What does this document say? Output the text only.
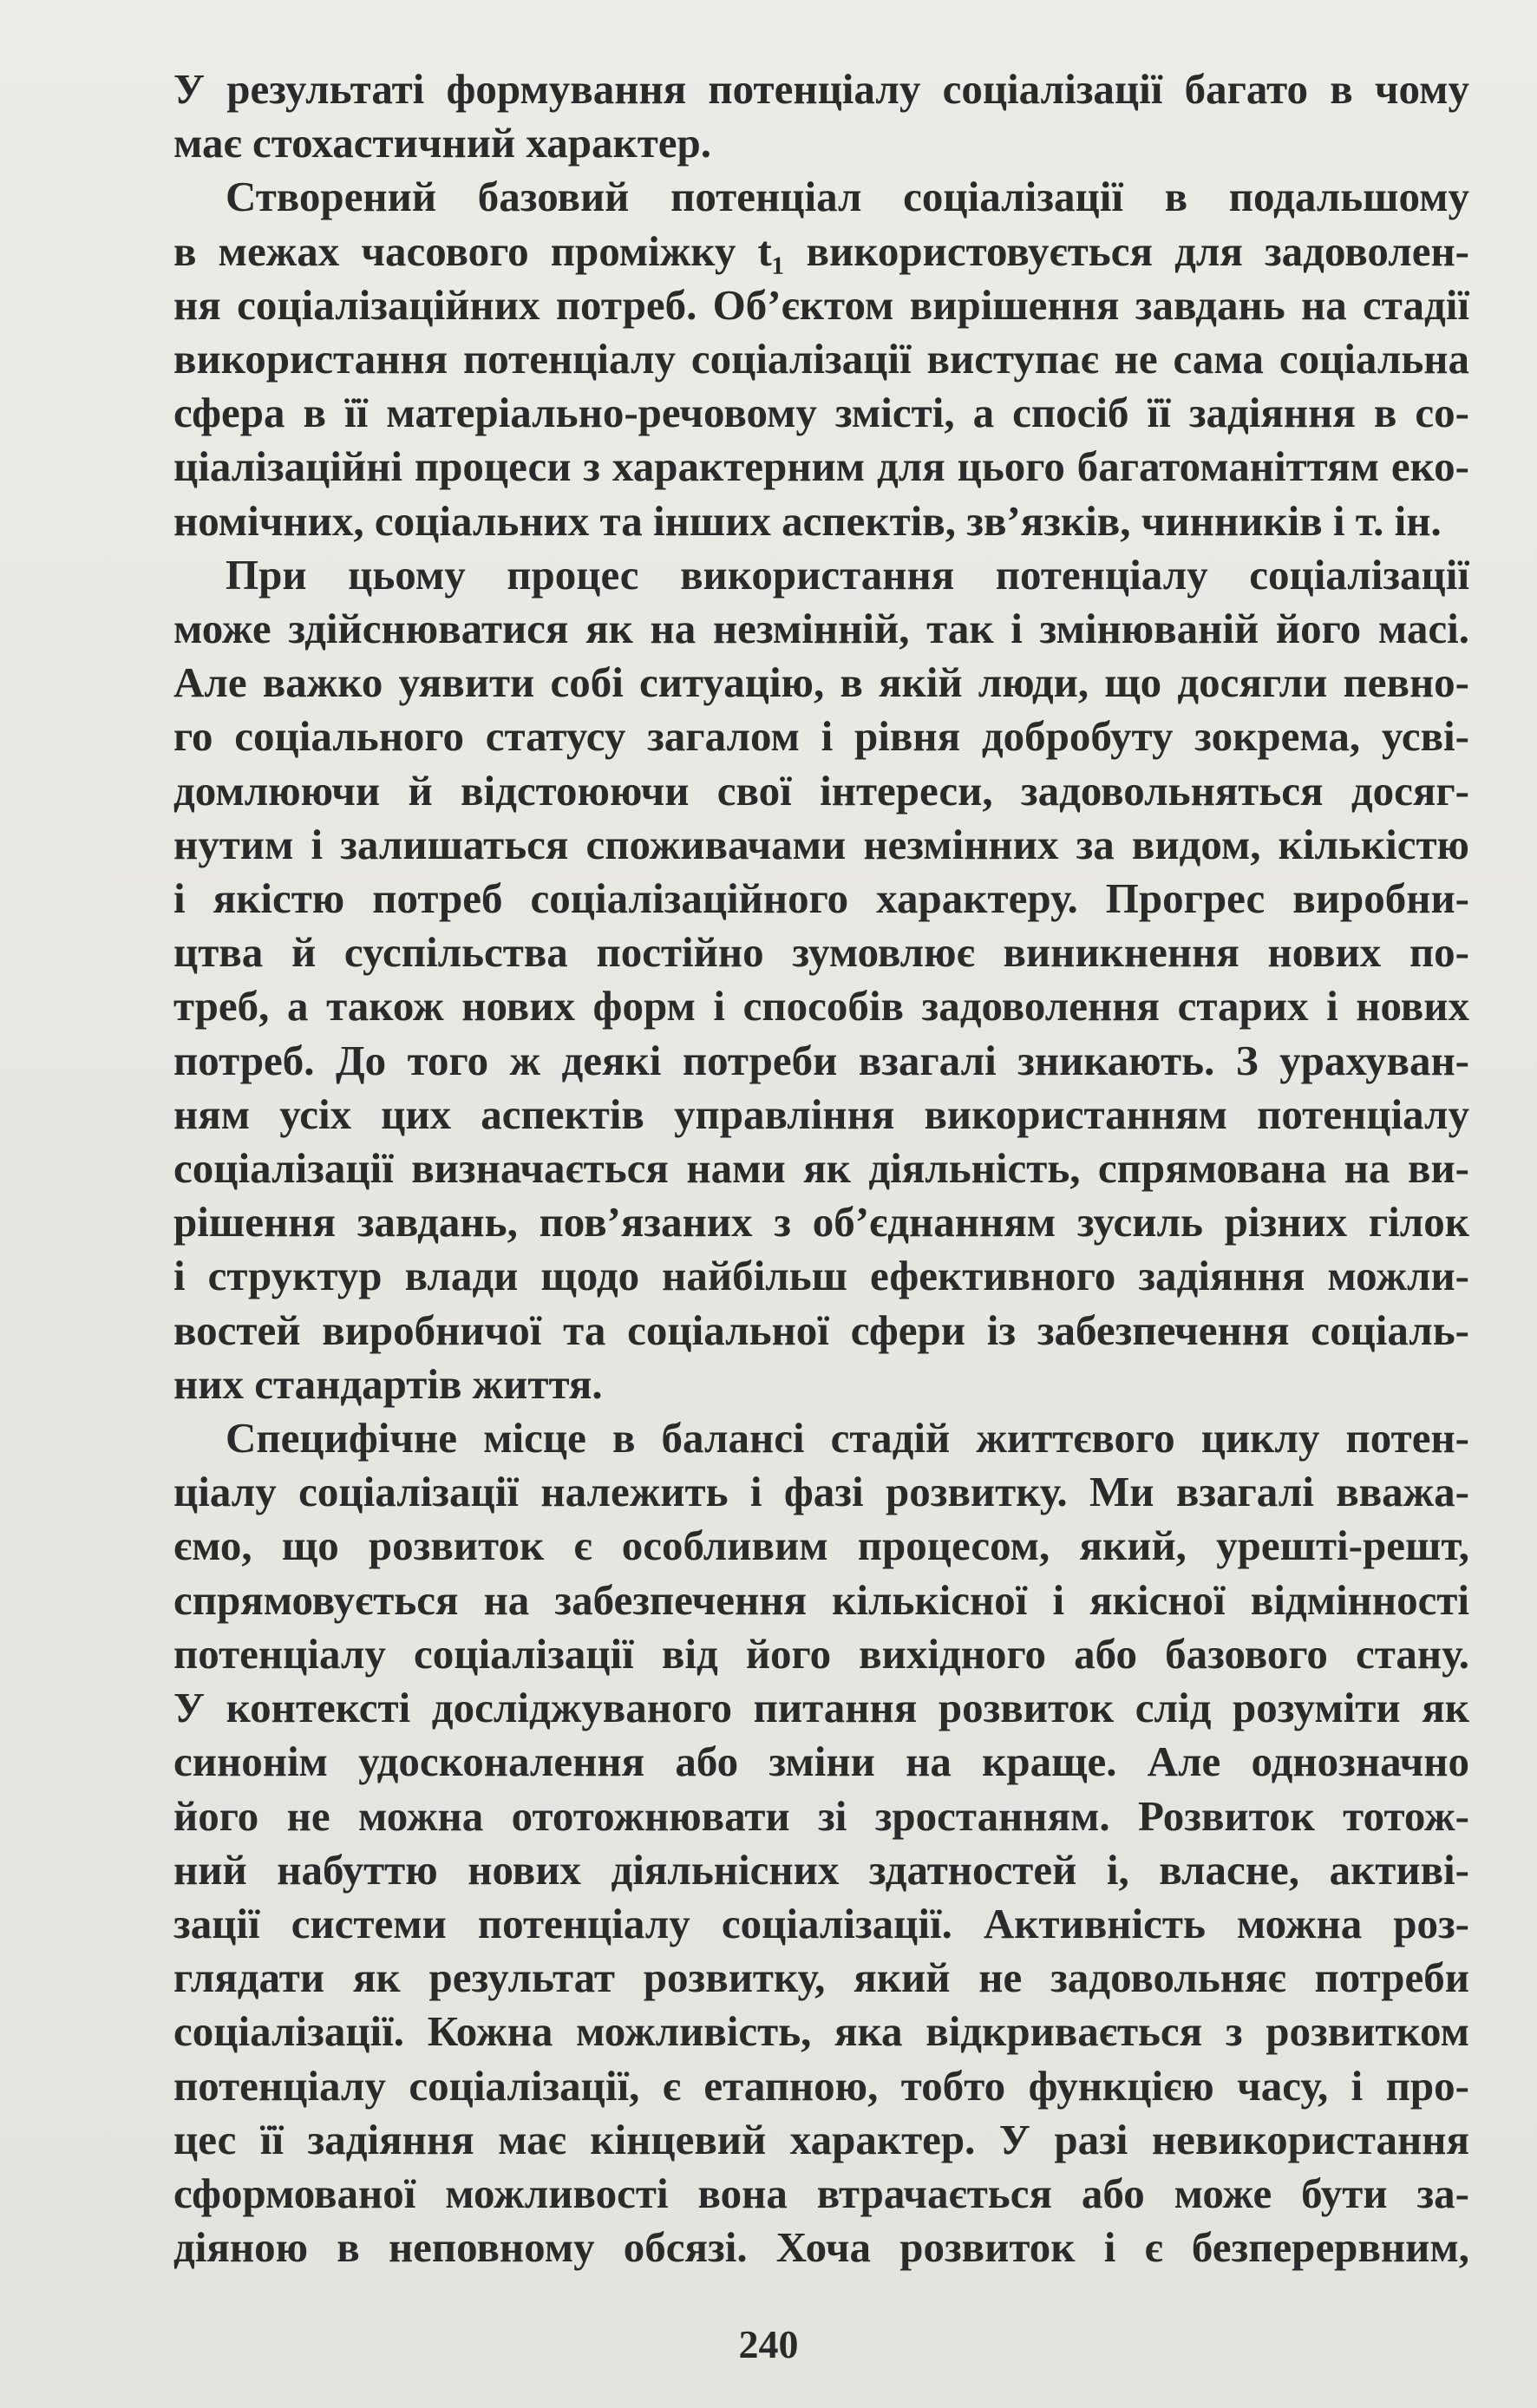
У результаті формування потенціалу соціалізації багато в чому
має стохастичний характер.
Створений базовий потенціал соціалізації в подальшому
в межах часового проміжку t₁ використовується для задоволен-
ня соціалізаційних потреб. Об’єктом вирішення завдань на стадії
використання потенціалу соціалізації виступає не сама соціальна
сфера в її матеріально-речовому змісті, а спосіб її задіяння в со-
ціалізаційні процеси з характерним для цього багатоманіттям еко-
номічних, соціальних та інших аспектів, зв’язків, чинників і т. ін.
При цьому процес використання потенціалу соціалізації
може здійснюватися як на незмінній, так і змінюваній його масі.
Але важко уявити собі ситуацію, в якій люди, що досягли певно-
го соціального статусу загалом і рівня добробуту зокрема, усві-
домлюючи й відстоюючи свої інтереси, задовольняться досяг-
нутим і залишаться споживачами незмінних за видом, кількістю
і якістю потреб соціалізаційного характеру. Прогрес виробни-
цтва й суспільства постійно зумовлює виникнення нових по-
треб, а також нових форм і способів задоволення старих і нових
потреб. До того ж деякі потреби взагалі зникають. З урахуван-
ням усіх цих аспектів управління використанням потенціалу
соціалізації визначається нами як діяльність, спрямована на ви-
рішення завдань, пов’язаних з об’єднанням зусиль різних гілок
і структур влади щодо найбільш ефективного задіяння можли-
востей виробничої та соціальної сфери із забезпечення соціаль-
них стандартів життя.
Специфічне місце в балансі стадій життєвого циклу потен-
ціалу соціалізації належить і фазі розвитку. Ми взагалі вважа-
ємо, що розвиток є особливим процесом, який, урешті-решт,
спрямовується на забезпечення кількісної і якісної відмінності
потенціалу соціалізації від його вихідного або базового стану.
У контексті досліджуваного питання розвиток слід розуміти як
синонім удосконалення або зміни на краще. Але однозначно
його не можна ототожнювати зі зростанням. Розвиток тотож-
ний набуттю нових діяльнісних здатностей і, власне, активі-
зації системи потенціалу соціалізації. Активність можна роз-
глядати як результат розвитку, який не задовольняє потреби
соціалізації. Кожна можливість, яка відкривається з розвитком
потенціалу соціалізації, є етапною, тобто функцією часу, і про-
цес її задіяння має кінцевий характер. У разі невикористання
сформованої можливості вона втрачається або може бути за-
діяною в неповному обсязі. Хоча розвиток і є безперервним,
240
